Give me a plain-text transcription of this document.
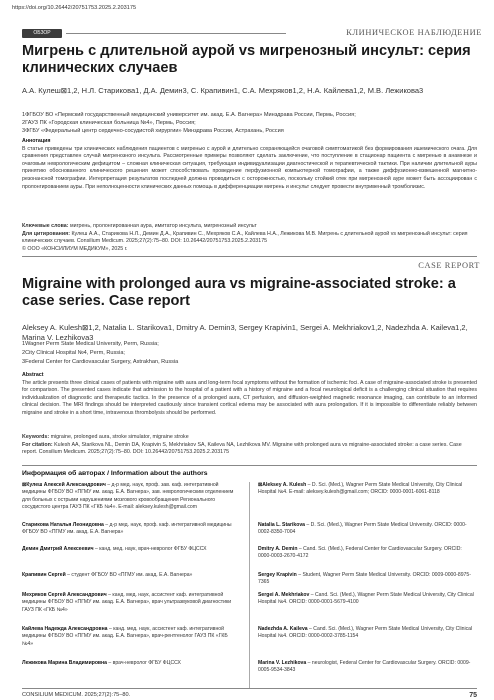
https://doi.org/10.26442/20751753.2025.2.203175
ОБЗОР	КЛИНИЧЕСКОЕ НАБЛЮДЕНИЕ
Мигрень с длительной аурой vs мигренозный инсульт: серия клинических случаев
А.А. Кулеш⊠1,2, Н.Л. Старикова1, Д.А. Демин3, С. Крапивин1, С.А. Мехряков1,2, Н.А. Кайлева1,2, М.В. Лежикова3
1ФГБОУ ВО «Пермский государственный медицинский университет им. акад. Е.А. Вагнера» Минздрава России, Пермь, Россия;
2ГАУЗ ПК «Городская клиническая больница №4», Пермь, Россия;
3ФГБУ «Федеральный центр сердечно-сосудистой хирургии» Минздрава России, Астрахань, Россия
Аннотация
В статье приведены три клинических наблюдения пациентов с мигренью с аурой и длительно сохраняющейся очаговой симптоматикой без формирования ишемического очага. Для сравнения представлен случай мигренозного инсульта. Рассмотренные примеры позволяют сделать заключение, что поступление в стационар пациента с мигренью в анамнезе и очаговым неврологическим дефицитом – сложная клиническая ситуация, требующая индивидуализации диагностической и терапевтической тактики. При наличии длительной ауры принятию обоснованного клинического решения может способствовать проведение перфузионной компьютерной томографии, а также диффузионно-взвешенной магнитно-резонансной томографии. Интерпретация результатов последней должна проводиться с осторожностью, поскольку стойкий отек при мигренозной ауре может быть ассоциирован с пролонгированием ауры. При неполноценности клинических данных помощь в дифференциации мигрень и инсульт следует провести внутривенный тромболизис.
Ключевые слова: мигрень, пролонгированная аура, имитатор инсульта, мигренозный инсульт
Для цитирования: Кулеш А.А., Старикова Н.Л., Демин Д.А., Крапивин С., Мехряков С.А., Кайлева Н.А., Лежикова М.В. Мигрень с длительной аурой vs мигренозный инсульт: серия клинических случаев. Consilium Medicum. 2025;27(2):75–80. DOI: 10.26442/20751753.2025.2.203175
© ООО «КОНСИЛИУМ МЕДИКУМ», 2025 г.
CASE REPORT
Migraine with prolonged aura vs migraine-associated stroke: a case series. Case report
Aleksey A. Kulesh⊠1,2, Natalia L. Starikova1, Dmitry A. Demin3, Sergey Krapivin1, Sergei A. Mekhriakov1,2, Nadezhda A. Kaileva1,2, Marina V. Lezhikova3
1Wagner Perm State Medical University, Perm, Russia;
2City Clinical Hospital №4, Perm, Russia;
3Federal Center for Cardiovascular Surgery, Astrakhan, Russia
Abstract
The article presents three clinical cases of patients with migraine with aura and long-term focal symptoms without the formation of ischemic foci. A case of migraine-associated stroke is presented for comparison. The presented cases indicate that admission to the hospital of a patient with a history of migraine and a focal neurological deficit is a challenging clinical situation that requires individualization of diagnostic and therapeutic tactics. In the presence of a prolonged aura, CT perfusion, and diffusion-weighted magnetic resonance imaging, can contribute to an informed clinical decision. The MRI findings should be interpreted cautiously since transient cortical edema may be associated with aura prolongation. If it is impossible to differentiate reliably between migraine and stroke in a short time, intravenous thrombolysis should be performed.
Keywords: migraine, prolonged aura, stroke simulator, migraine stroke
For citation: Kulesh AA, Starikova NL, Demin DA, Krapivin S, Mekhriakov SA, Kaileva NA, Lezhikova MV. Migraine with prolonged aura vs migraine-associated stroke: a case series. Case report. Consilium Medicum. 2025;27(2):75–80. DOI: 10.26442/20751753.2025.2.203175
Информация об авторах / Information about the authors
⊠Кулеш Алексей Александрович – д-р мед. наук, проф. зав. каф. интегративной медицины ФГБОУ ВО «ПГМУ им. акад. Е.А. Вагнера», зав. неврологическим отделением для больных с острыми нарушениями мозгового кровообращения Регионального сосудистого центра ГАУЗ ПК «ГКБ №4». E-mail: aleksey.kulesh@gmail.com
Старикова Наталья Леонидовна – д-р мед. наук, проф. каф. интегративной медицины ФГБОУ ВО «ПГМУ им. акад. Е.А. Вагнера»
Демин Дмитрий Алексеевич – канд. мед. наук, врач-невролог ФГБУ ФЦССХ
Крапивин Сергей – студент ФГБОУ ВО «ПГМУ им. акад. Е.А. Вагнера»
Мехряков Сергей Александрович – канд. мед. наук, ассистент каф. интегративной медицины ФГБОУ ВО «ПГМУ им. акад. Е.А. Вагнера», врач ультразвуковой диагностики ГАУЗ ПК «ГКБ №4»
Кайлева Надежда Александровна – канд. мед. наук, ассистент каф. интегративной медицины ФГБОУ ВО «ПГМУ им. акад. Е.А. Вагнера», врач-рентгенолог ГАУЗ ПК «ГКБ №4»
Лежикова Марина Владимировна – врач-невролог ФГБУ ФЦССХ
⊠Aleksey A. Kulesh – D. Sci. (Med.), Wagner Perm State Medical University, City Clinical Hospital №4. E-mail: aleksey.kulesh@gmail.com; ORCID: 0000-0001-6061-8118
Natalia L. Starikova – D. Sci. (Med.), Wagner Perm State Medical University. ORCID: 0000-0002-8350-7004
Dmitry A. Demin – Cand. Sci. (Med.), Federal Center for Cardiovascular Surgery. ORCID: 0000-0003-2670-4172
Sergey Krapivin – Student, Wagner Perm State Medical University. ORCID: 0009-0000-8975-7365
Sergei A. Mekhriakov – Cand. Sci. (Med.), Wagner Perm State Medical University, City Clinical Hospital №4. ORCID: 0000-0001-5679-4100
Nadezhda A. Kaileva – Cand. Sci. (Med.), Wagner Perm State Medical University, City Clinical Hospital №4. ORCID: 0000-0002-3785-1154
Marina V. Lezhikova – neurologist, Federal Center for Cardiovascular Surgery. ORCID: 0009-0005-9534-3843
CONSILIUM MEDICUM. 2025;27(2):75–80.	75
